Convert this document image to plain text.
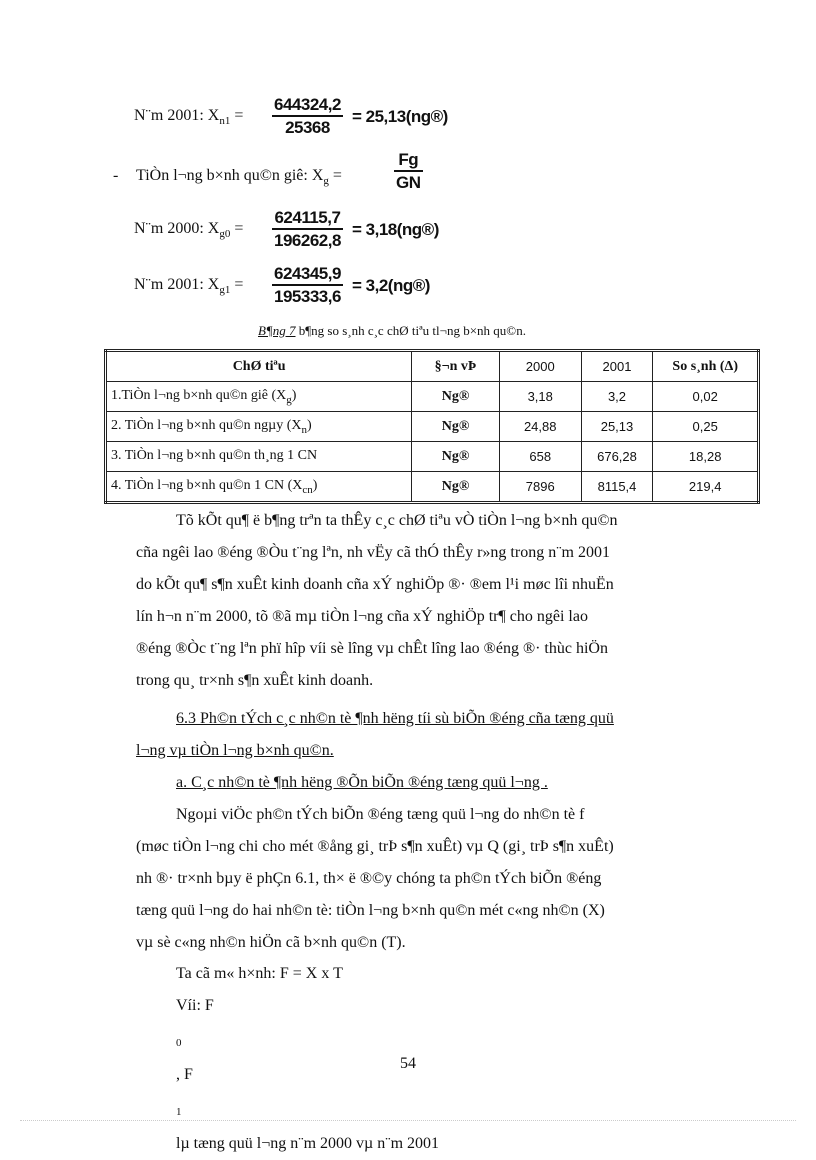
N¨m 2001: $X_{n1} = \frac{644324,2}{25368}$ = 25,13(ng®)
- TiÒn l¬ng b×nh qu©n giê: $X_g$ =	$\frac{Fg}{GN}$
N¨m 2000: $X_{g0} = \frac{624115,7}{196262,8}$ = 3,18(ng®)
N¨m 2001: $X_{g1} = \frac{624345,9}{195333,6}$ = 3,2(ng®)
B¶ng 7 b¶ng so s¸nh c¸c chØ tiªu tl¬ng b×nh qu©n.
ChØ tiªu	§¬n vÞ	2000	2001	So s¸nh (Δ)
1.TiÒn l¬ng b×nh qu©n giê $(X_g)$	Ng®	3,18	3,2	0,02
2. TiÒn l¬ng b×nh qu©n ngµy $(X_n)$	Ng®	24,88	25,13	0,25
3. TiÒn l¬ng b×nh qu©n th¸ng 1 CN	Ng®	658	676,28	18,28
4. TiÒn l¬ng b×nh qu©n 1 CN $(X_{cn})$	Ng®	7896	8115,4	219,4
Tõ kÕt qu¶ ë b¶ng trªn ta thÊy c¸c chØ tiªu vÒ tiÒn l¬ng b×nh qu©n
cña ngêi lao ®éng ®Òu t¨ng lªn, nh vËy cã thÓ thÊy r»ng trong n¨m 2001
do kÕt qu¶ s¶n xuÊt kinh doanh cña xÝ nghiÖp ®· ®em l¹i møc lîi nhuËn
lín h¬n n¨m 2000, tõ ®ã mµ tiÒn l¬ng cña xÝ nghiÖp tr¶ cho ngêi lao
®éng ®Òc t¨ng lªn phï hîp víi sè lîng vµ chÊt lîng lao ®éng ®· thùc hiÖn
trong qu¸ tr×nh s¶n xuÊt kinh doanh.
6.3 Ph©n tÝch c¸c nh©n tè ¶nh hëng tíi sù biÕn ®éng cña tæng quü
l¬ng vµ tiÒn l¬ng b×nh qu©n.
a. C¸c nh©n tè ¶nh hëng ®Õn biÕn ®éng tæng quü l¬ng .
Ngoµi viÖc ph©n tÝch biÕn ®éng tæng quü l¬ng do nh©n tè f
(møc tiÒn l¬ng chi cho mét ®ång gi¸ trÞ s¶n xuÊt) vµ Q (gi¸ trÞ s¶n xuÊt)
nh ®· tr×nh bµy ë phÇn 6.1, th× ë ®©y chóng ta ph©n tÝch biÕn ®éng
tæng quü l¬ng do hai nh©n tè: tiÒn l¬ng b×nh qu©n mét c«ng nh©n (X)
vµ sè c«ng nh©n hiÖn cã b×nh qu©n (T).
Ta cã m« h×nh: F = X x T
Víi: F
$_0$
, F
$_1$
lµ tæng quü l¬ng n¨m 2000 vµ n¨m 2001
54
